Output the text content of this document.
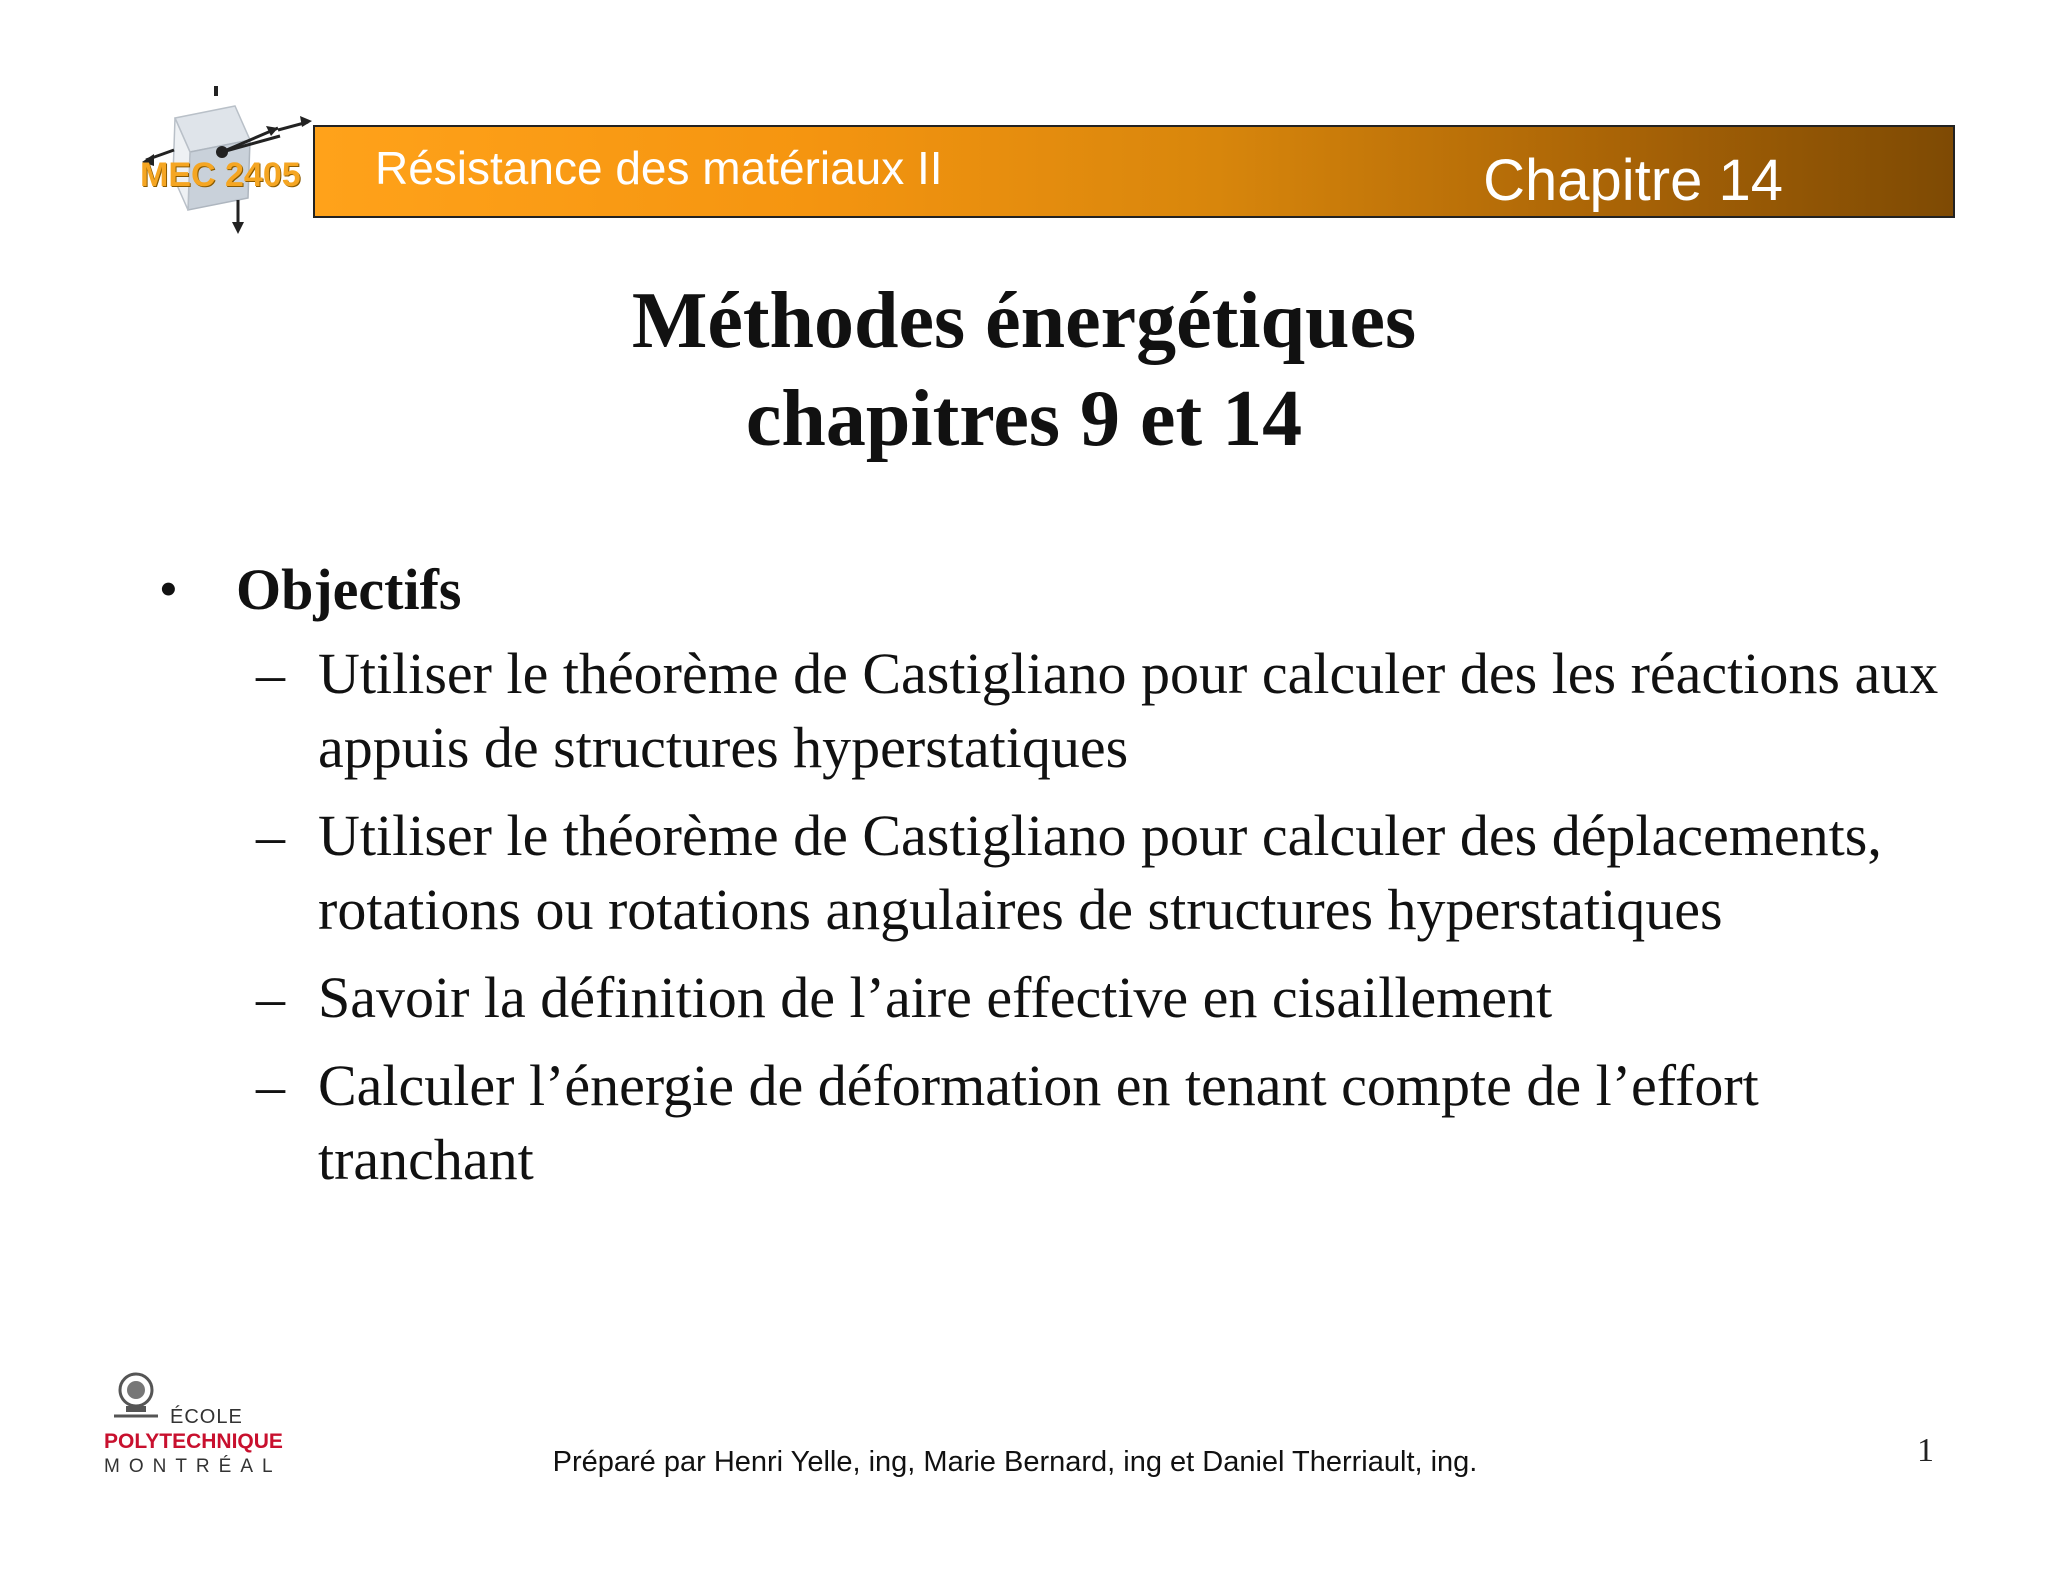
MEC 2405 Résistance des matériaux II	Chapitre 14
Méthodes énergétiques
chapitres 9 et 14
• Objectifs
– Utiliser le théorème de Castigliano pour calculer des les réactions aux appuis de structures hyperstatiques
– Utiliser le théorème de Castigliano pour calculer des déplacements, rotations ou rotations angulaires de structures hyperstatiques
– Savoir la définition de l’aire effective en cisaillement
– Calculer l’énergie de déformation en tenant compte de l’effort tranchant
ÉCOLE
POLYTECHNIQUE
MONTRÉAL	Préparé par Henri Yelle, ing, Marie Bernard, ing et Daniel Therriault, ing.	1
